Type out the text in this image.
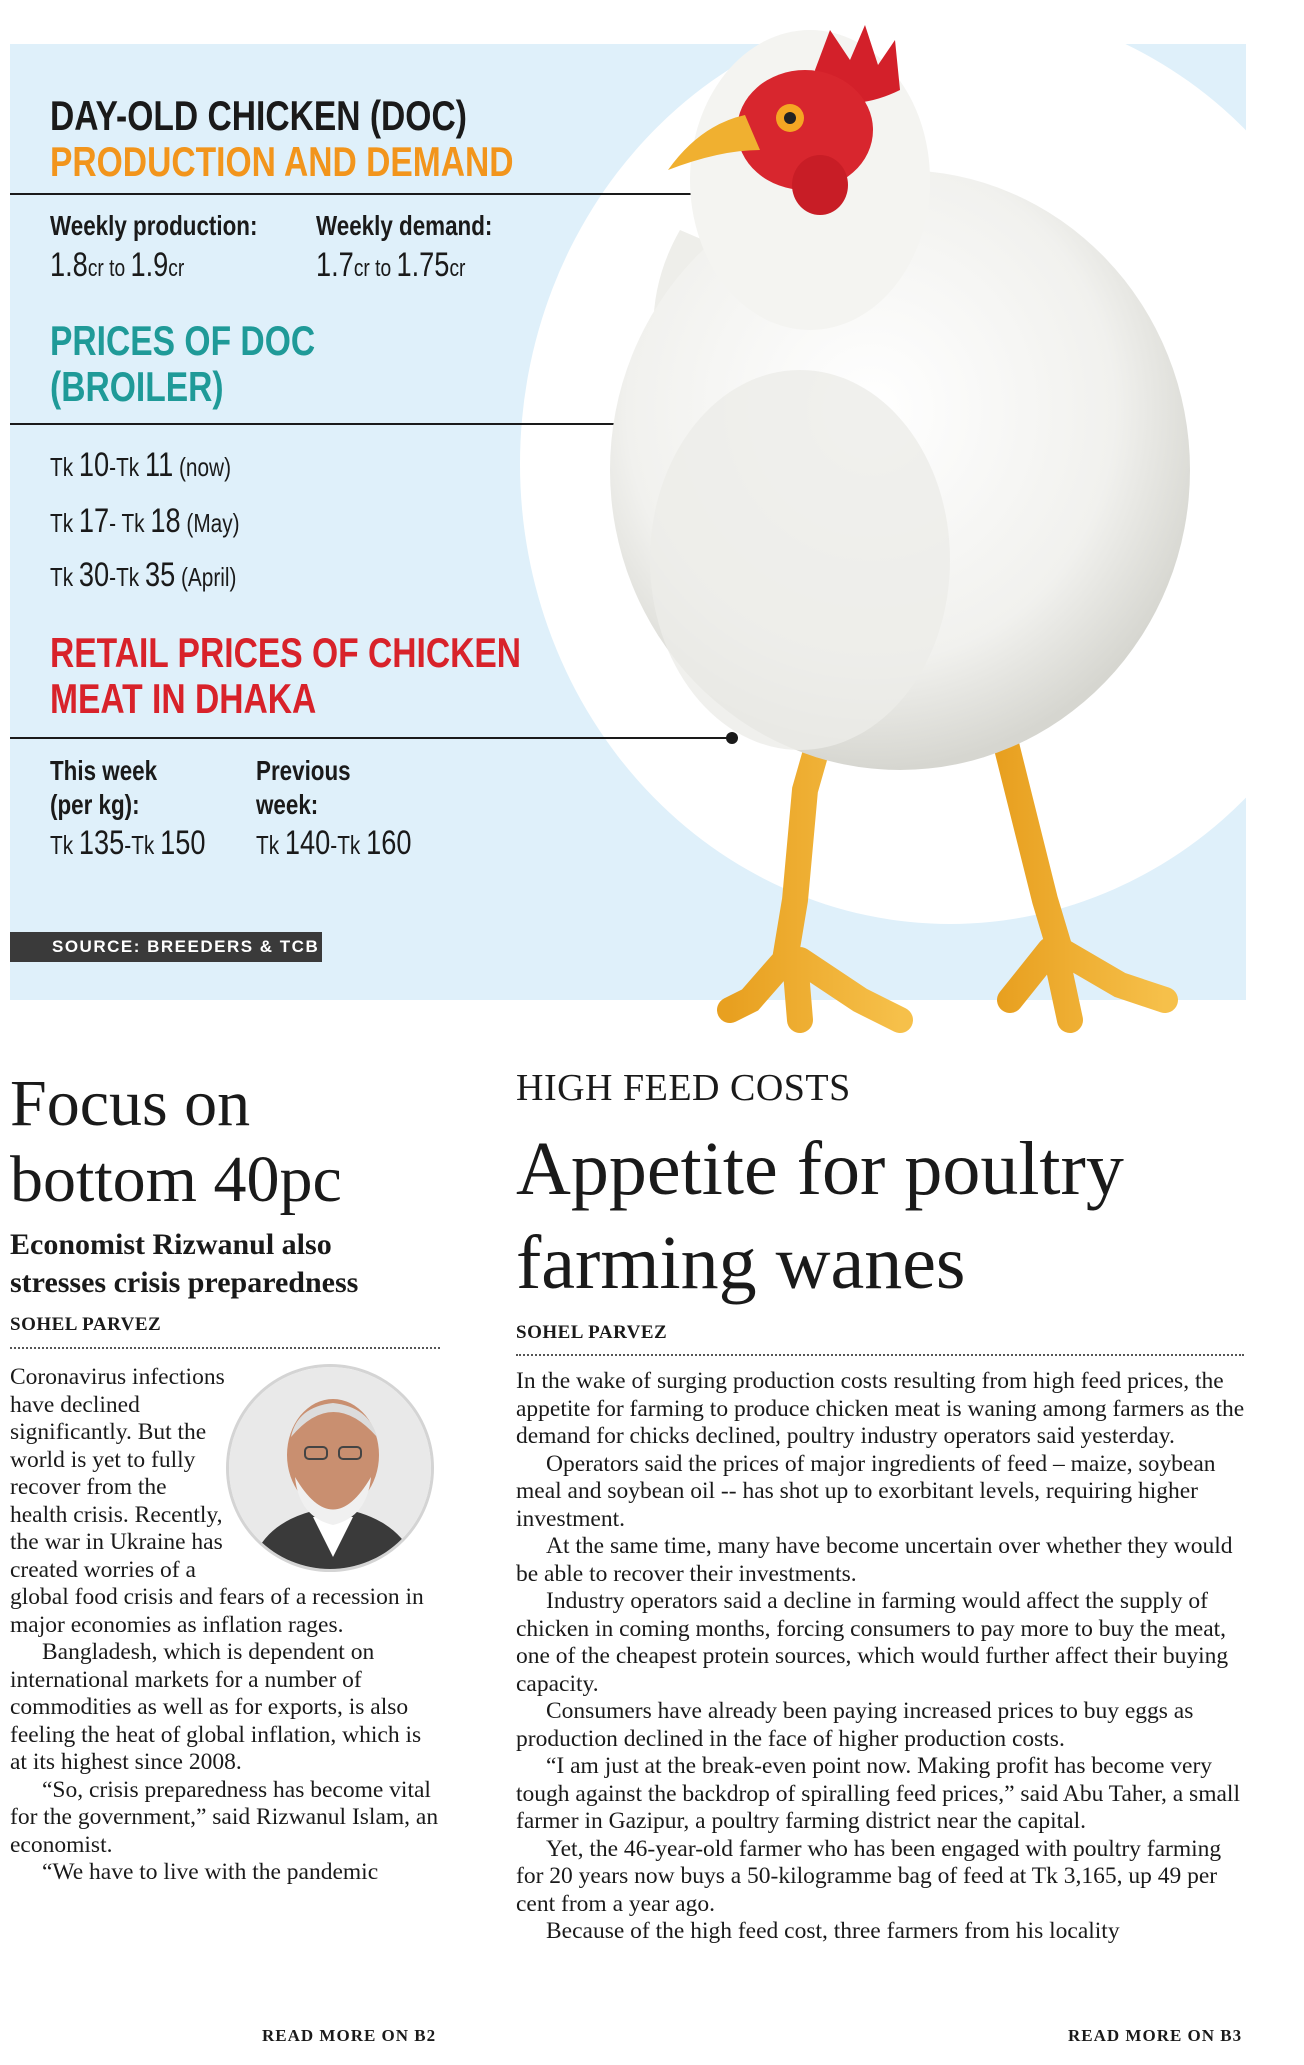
DAY-OLD CHICKEN (DOC)
PRODUCTION AND DEMAND
Weekly production:
1.8cr to 1.9cr
Weekly demand:
1.7cr to 1.75cr
PRICES OF DOC
(BROILER)
Tk 10-Tk 11 (now)
Tk 17- Tk 18 (May)
Tk 30-Tk 35 (April)
RETAIL PRICES OF CHICKEN
MEAT IN DHAKA
This week
(per kg):
Tk 135-Tk 150
Previous
week:
Tk 140-Tk 160
SOURCE: BREEDERS & TCB
Focus on
bottom 40pc
Economist Rizwanul also
stresses crisis preparedness
SOHEL PARVEZ

Coronavirus infections have declined significantly. But the world is yet to fully recover from the health crisis. Recently, the war in Ukraine has created worries of a global food crisis and fears of a recession in major economies as inflation rages.

Bangladesh, which is dependent on international markets for a number of commodities as well as for exports, is also feeling the heat of global inflation, which is at its highest since 2008.

“So, crisis preparedness has become vital for the government,” said Rizwanul Islam, an economist.

“We have to live with the pandemic

READ MORE ON B2
HIGH FEED COSTS
Appetite for poultry
farming wanes
SOHEL PARVEZ

In the wake of surging production costs resulting from high feed prices, the appetite for farming to produce chicken meat is waning among farmers as the demand for chicks declined, poultry industry operators said yesterday.

Operators said the prices of major ingredients of feed – maize, soybean meal and soybean oil -- has shot up to exorbitant levels, requiring higher investment.

At the same time, many have become uncertain over whether they would be able to recover their investments.

Industry operators said a decline in farming would affect the supply of chicken in coming months, forcing consumers to pay more to buy the meat, one of the cheapest protein sources, which would further affect their buying capacity.

Consumers have already been paying increased prices to buy eggs as production declined in the face of higher production costs.

“I am just at the break-even point now. Making profit has become very tough against the backdrop of spiralling feed prices,” said Abu Taher, a small farmer in Gazipur, a poultry farming district near the capital.

Yet, the 46-year-old farmer who has been engaged with poultry farming for 20 years now buys a 50-kilogramme bag of feed at Tk 3,165, up 49 per cent from a year ago.

Because of the high feed cost, three farmers from his locality

READ MORE ON B3
